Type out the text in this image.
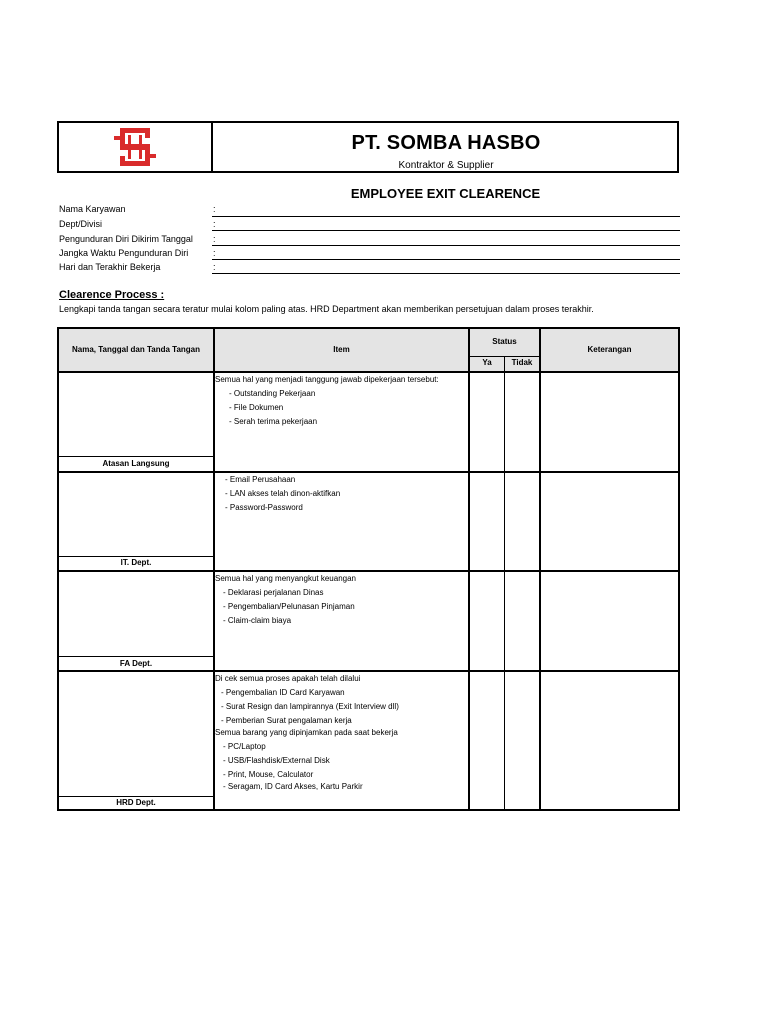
PT. SOMBA HASBO
Kontraktor & Supplier
EMPLOYEE EXIT CLEARENCE
Nama Karyawan	:
Dept/Divisi	:
Pengunduran Diri Dikirim Tanggal :
Jangka Waktu Pengunduran Diri	:
Hari dan Terakhir Bekerja	:
Clearence Process :
Lengkapi tanda tangan secara teratur mulai kolom paling atas. HRD Department akan memberikan persetujuan dalam proses terakhir.
Nama, Tanggal dan Tanda Tangan	Item
Status
Ya	Tidak
Keterangan
Atasan Langsung
Semua hal yang menjadi tanggung jawab dipekerjaan tersebut:
- Outstanding Pekerjaan
- File Dokumen
- Serah terima pekerjaan
IT. Dept.
- Email Perusahaan
- LAN akses telah dinon-aktifkan
- Password-Password
FA Dept.
Semua hal yang menyangkut keuangan
- Deklarasi perjalanan Dinas
- Pengembalian/Pelunasan Pinjaman
- Claim-claim biaya
HRD Dept.
Di cek semua proses apakah telah dilalui
- Pengembalian ID Card Karyawan
- Surat Resign dan lampirannya (Exit Interview dll)
- Pemberian Surat pengalaman kerja
Semua barang yang dipinjamkan pada saat bekerja
- PC/Laptop
- USB/Flashdisk/External Disk
- Print, Mouse, Calculator
- Seragam, ID Card Akses, Kartu Parkir
